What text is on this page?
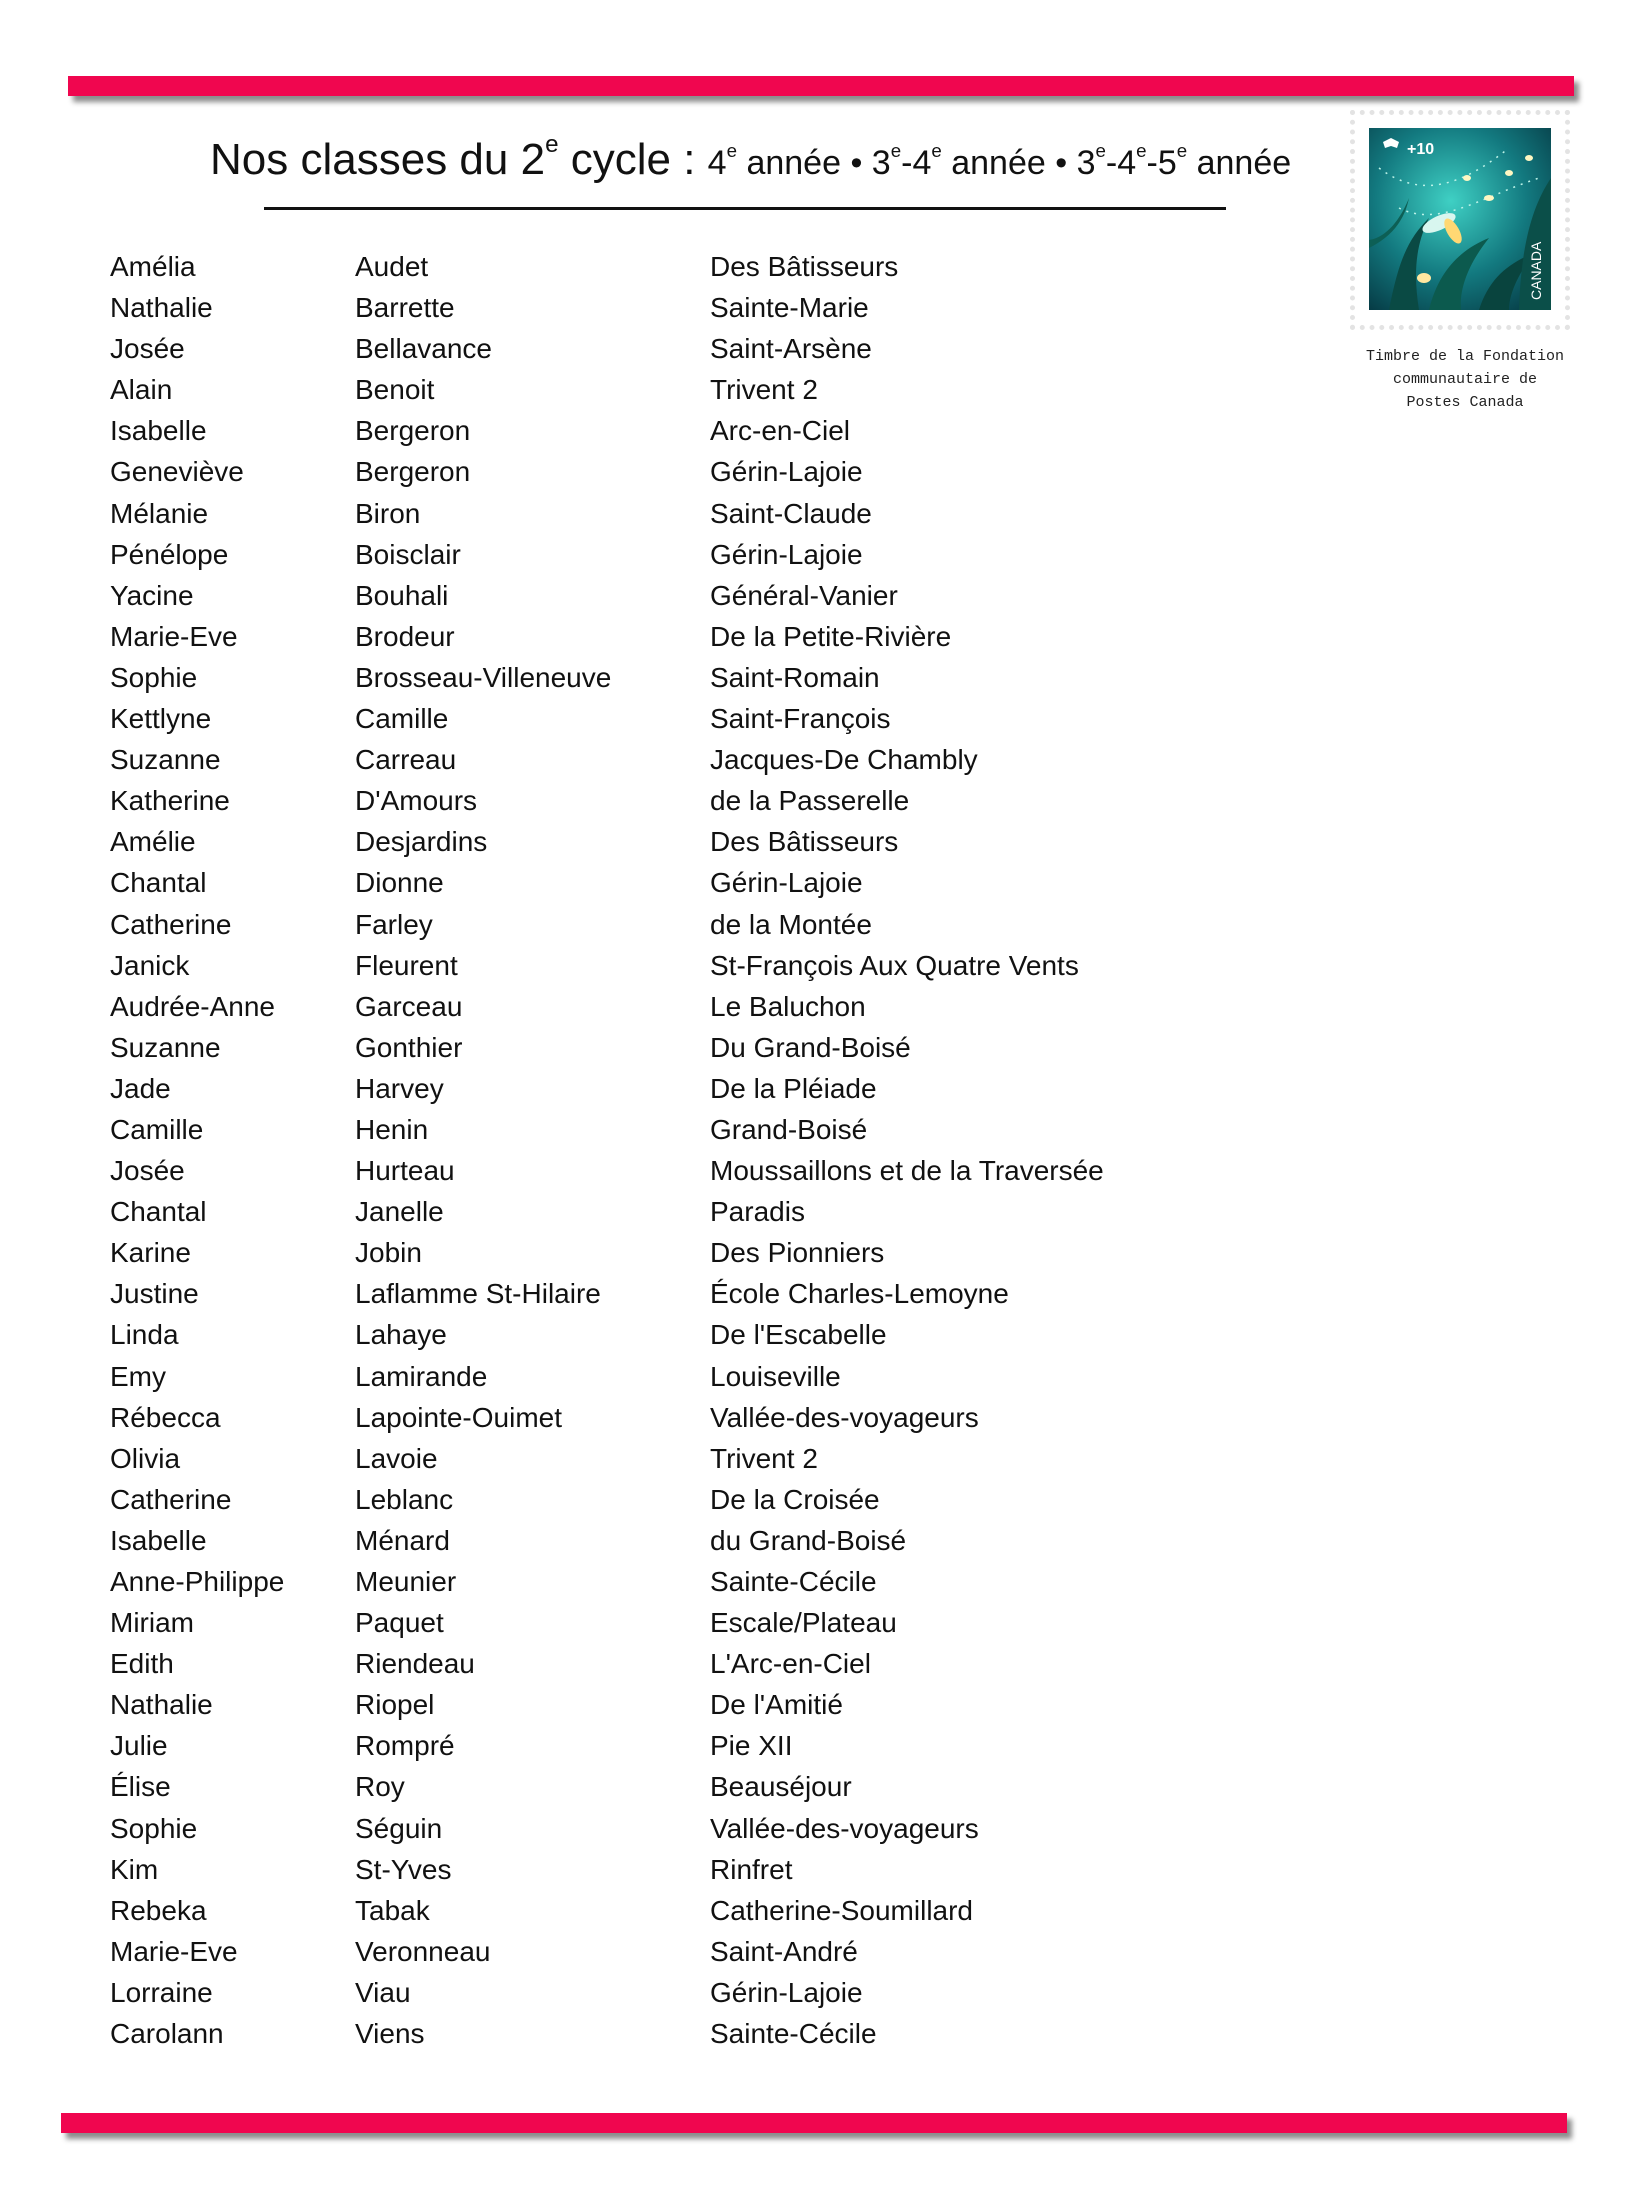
Nos classes du 2e cycle : 4e année • 3e-4e année • 3e-4e-5e année	+10
CANADA
Timbre de la Fondation
communautaire de
Postes Canada
Amélia	Audet	Des Bâtisseurs
Nathalie	Barrette	Sainte-Marie
Josée	Bellavance	Saint-Arsène
Alain	Benoit	Trivent 2
Isabelle	Bergeron	Arc-en-Ciel
Geneviève	Bergeron	Gérin-Lajoie
Mélanie	Biron	Saint-Claude
Pénélope	Boisclair	Gérin-Lajoie
Yacine	Bouhali	Général-Vanier
Marie-Eve	Brodeur	De la Petite-Rivière
Sophie	Brosseau-Villeneuve	Saint-Romain
Kettlyne	Camille	Saint-François
Suzanne	Carreau	Jacques-De Chambly
Katherine	D'Amours	de la Passerelle
Amélie	Desjardins	Des Bâtisseurs
Chantal	Dionne	Gérin-Lajoie
Catherine	Farley	de la Montée
Janick	Fleurent	St-François Aux Quatre Vents
Audrée-Anne	Garceau	Le Baluchon
Suzanne	Gonthier	Du Grand-Boisé
Jade	Harvey	De la Pléiade
Camille	Henin	Grand-Boisé
Josée	Hurteau	Moussaillons et de la Traversée
Chantal	Janelle	Paradis
Karine	Jobin	Des Pionniers
Justine	Laflamme St-Hilaire	École Charles-Lemoyne
Linda	Lahaye	De l'Escabelle
Emy	Lamirande	Louiseville
Rébecca	Lapointe-Ouimet	Vallée-des-voyageurs
Olivia	Lavoie	Trivent 2
Catherine	Leblanc	De la Croisée
Isabelle	Ménard	du Grand-Boisé
Anne-Philippe	Meunier	Sainte-Cécile
Miriam	Paquet	Escale/Plateau
Edith	Riendeau	L'Arc-en-Ciel
Nathalie	Riopel	De l'Amitié
Julie	Rompré	Pie XII
Élise	Roy	Beauséjour
Sophie	Séguin	Vallée-des-voyageurs
Kim	St-Yves	Rinfret
Rebeka	Tabak	Catherine-Soumillard
Marie-Eve	Veronneau	Saint-André
Lorraine	Viau	Gérin-Lajoie
Carolann	Viens	Sainte-Cécile
